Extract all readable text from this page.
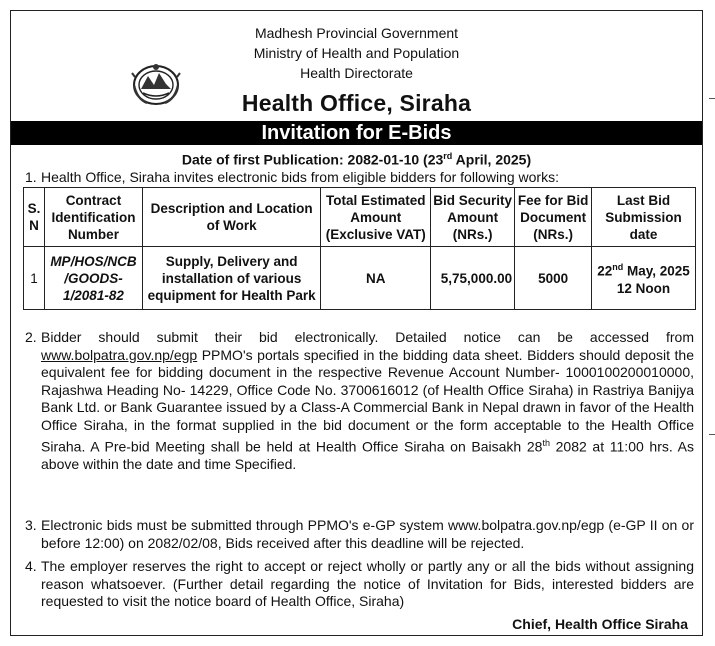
Madhesh Provincial Government
Ministry of Health and Population
Health Directorate
Health Office, Siraha
Invitation for E-Bids
Date of first Publication: 2082-01-10 (23rd April, 2025)
1. Health Office, Siraha invites electronic bids from eligible bidders for following works:
S. N	Contract Identification Number	Description and Location of Work	Total Estimated Amount (Exclusive VAT)	Bid Security Amount (NRs.)	Fee for Bid Document (NRs.)	Last Bid Submission date
1	MP/HOS/NCB /GOODS- 1/2081-82	Supply, Delivery and installation of various equipment for Health Park	NA	5,75,000.00	5000	22nd May, 2025
12 Noon
2. Bidder should submit their bid electronically. Detailed notice can be accessed from www.bolpatra.gov.np/egp PPMO's portals specified in the bidding data sheet. Bidders should deposit the equivalent fee for bidding document in the respective Revenue Account Number- 1000100200010000, Rajashwa Heading No- 14229, Office Code No. 3700616012 (of Health Office Siraha) in Rastriya Banijya Bank Ltd. or Bank Guarantee issued by a Class-A Commercial Bank in Nepal drawn in favor of the Health Office Siraha, in the format supplied in the bid document or the form acceptable to the Health Office Siraha. A Pre-bid Meeting shall be held at Health Office Siraha on Baisakh 28th 2082 at 11:00 hrs. As above within the date and time Specified.
3. Electronic bids must be submitted through PPMO's e-GP system www.bolpatra.gov.np/egp (e-GP II on or before 12:00) on 2082/02/08, Bids received after this deadline will be rejected.
4. The employer reserves the right to accept or reject wholly or partly any or all the bids without assigning reason whatsoever. (Further detail regarding the notice of Invitation for Bids, interested bidders are requested to visit the notice board of Health Office, Siraha)
Chief, Health Office Siraha
